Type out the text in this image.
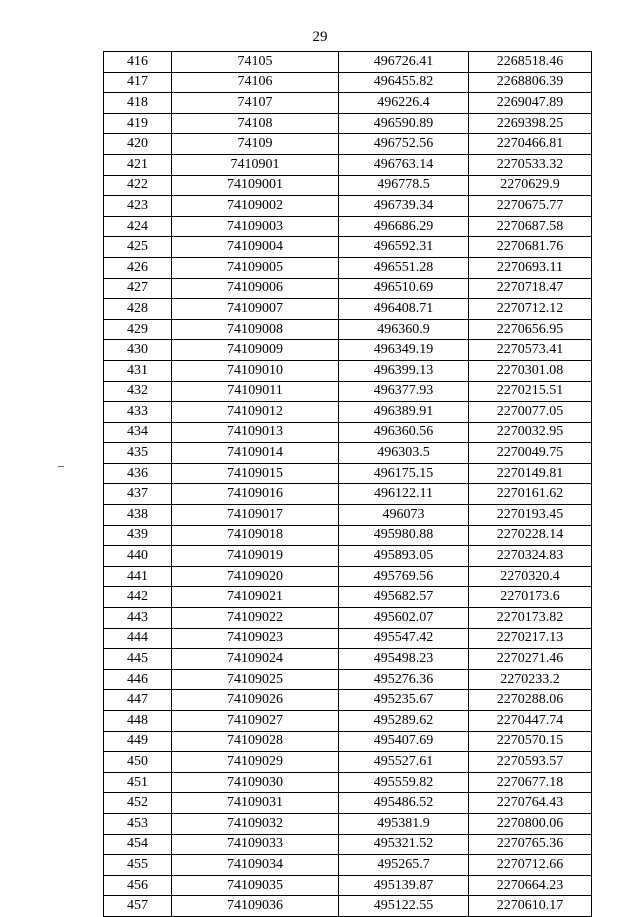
29
416	74105	496726.41	2268518.46
417	74106	496455.82	2268806.39
418	74107	496226.4	2269047.89
419	74108	496590.89	2269398.25
420	74109	496752.56	2270466.81
421	7410901	496763.14	2270533.32
422	74109001	496778.5	2270629.9
423	74109002	496739.34	2270675.77
424	74109003	496686.29	2270687.58
425	74109004	496592.31	2270681.76
426	74109005	496551.28	2270693.11
427	74109006	496510.69	2270718.47
428	74109007	496408.71	2270712.12
429	74109008	496360.9	2270656.95
430	74109009	496349.19	2270573.41
431	74109010	496399.13	2270301.08
432	74109011	496377.93	2270215.51
433	74109012	496389.91	2270077.05
434	74109013	496360.56	2270032.95
435	74109014	496303.5	2270049.75
436	74109015	496175.15	2270149.81
437	74109016	496122.11	2270161.62
438	74109017	496073	2270193.45
439	74109018	495980.88	2270228.14
440	74109019	495893.05	2270324.83
441	74109020	495769.56	2270320.4
442	74109021	495682.57	2270173.6
443	74109022	495602.07	2270173.82
444	74109023	495547.42	2270217.13
445	74109024	495498.23	2270271.46
446	74109025	495276.36	2270233.2
447	74109026	495235.67	2270288.06
448	74109027	495289.62	2270447.74
449	74109028	495407.69	2270570.15
450	74109029	495527.61	2270593.57
451	74109030	495559.82	2270677.18
452	74109031	495486.52	2270764.43
453	74109032	495381.9	2270800.06
454	74109033	495321.52	2270765.36
455	74109034	495265.7	2270712.66
456	74109035	495139.87	2270664.23
457	74109036	495122.55	2270610.17
